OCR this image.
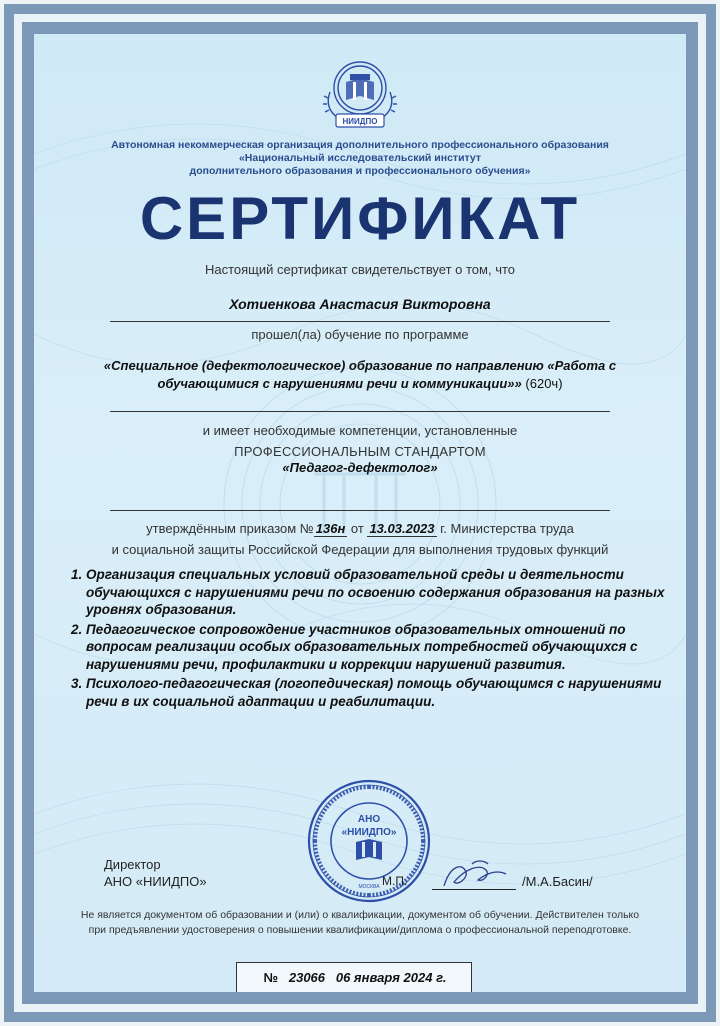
НИИДПО
Автономная некоммерческая организация дополнительного профессионального образования
«Национальный исследовательский институт
дополнительного образования и профессионального обучения»
СЕРТИФИКАТ
Настоящий сертификат свидетельствует о том, что
Хотиенкова Анастасия Викторовна
прошел(ла) обучение по программе
«Специальное (дефектологическое) образование по направлению «Работа с обучающимися с нарушениями речи и коммуникации»» (620ч)
и имеет необходимые компетенции, установленные
ПРОФЕССИОНАЛЬНЫМ СТАНДАРТОМ
«Педагог-дефектолог»
утверждённым приказом № 136н от 13.03.2023 г. Министерства труда
и социальной защиты Российской Федерации для выполнения трудовых функций
1. Организация специальных условий образовательной среды и деятельности обучающихся с нарушениями речи по освоению содержания образования на разных уровнях образования.
2. Педагогическое сопровождение участников образовательных отношений по вопросам реализации особых образовательных потребностей обучающихся с нарушениями речи, профилактики и коррекции нарушений развития.
3. Психолого-педагогическая (логопедическая) помощь обучающимся с нарушениями речи в их социальной адаптации и реабилитации.
Директор
АНО «НИИДПО»
АНО
«НИИДПО»
МОСКВА М.П.	/М.А.Басин/
Не является документом об образовании и (или) о квалификации, документом об обучении. Действителен только при предъявлении удостоверения о повышении квалификации/диплома о профессиональной переподготовке.
№ 23066 06 января 2024 г.
